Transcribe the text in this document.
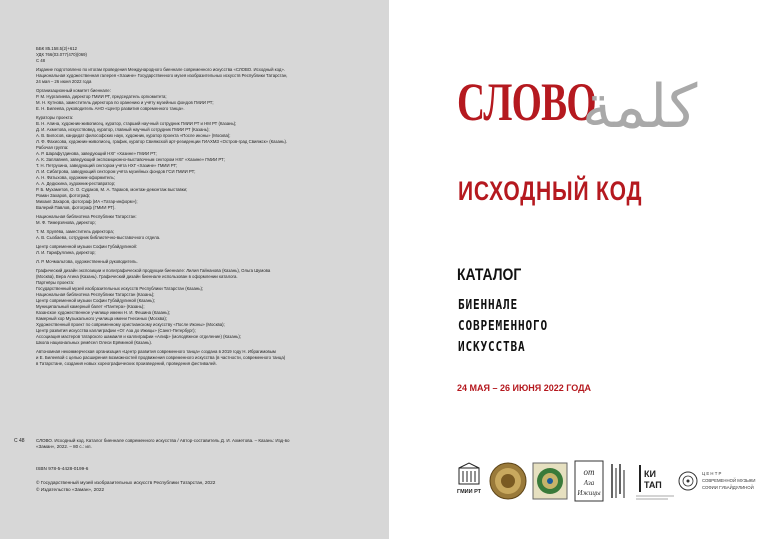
ББК 85.158.5(2)+612
УДК 766(03.077(470)(069)
С 48
Издание подготовлено по итогам проведения Международного биеннале современного искусства «СЛОВО. Исходный код».
Национальная художественная галерея «Хазине» Государственного музея изобразительных искусств Республики Татарстан,
24 мая – 26 июня 2022 года
Организационный комитет биеннале:
Р. М. Нургалиева, директор ГМИИ РТ, председатель оргкомитета;
М. Н. Кутнова, заместитель директора по хранению и учёту музейных фондов ГМИИ РТ;
Е. Н. Билеева, руководитель АНО «Центр развития современного танца».
Кураторы проекта:
В. Н. Апина, художник-живописец, куратор, старший научный сотрудник ГМИИ РТ и НМ РТ (Казань);
Д. И. Ахметова, искусствовед, куратор, главный научный сотрудник ГМИИ РТ (Казань);
А. В. Билосов, кандидат философских наук, художник, куратор проекта «После иконы» (Москва);
Л. Ф. Фахисова, художник-живописец, график, куратор Свияжской арт-резиденции ГИАХМЗ «Остров-град Свияжск» (Казань).
Рабочая группа:
А. Р. Шарафутдинова, заведующий НХГ «Хазине» ГМИИ РТ;
А. К. Заплавнев, заведующий экспозиционно-выставочным сектором НХГ «Хазине» ГМИИ РТ;
Т. Н. Петрухина, заведующий сектором учёта НХГ «Хазине» ГМИИ РТ;
Л. И. Сибатрова, заведующий сектором учёта музейных фондов ГСИ ГМИИ РТ;
А. Н. Фатыхова, художник-оформитель;
А. А. Дедюхина, художник-реставратор;
Р. Б. Мухаметов, О. О. Судаков, М. А. Тараков, монтаж-демонтаж выставки;
Роман Захаров, фотограф;
Михаил Захаров, фотограф (ИА «Татар-информ»);
Валерий Павлов, фотограф (ГМИИ РТ).
Национальная библиотека Республики Татарстан:
М. Ф. Тимерзянова, директор;
Т. М. Хрулёва, заместитель директора;
А. В. Сызбаева, сотрудник библиотечно-выставочного отдела.
Центр современной музыки Софии Губайдулиной:
Л. И. Гарифуллина, директор;
Л. Р. Мочмальтова, художественный руководитель.
Графический дизайн экспозиции и полиграфической продукции биеннале: Лилия Гайнанова (Казань), Ольга Шумова
(Москва), Вера Агина (Казань). Графический дизайн биеннале использован в оформлении каталога.
Партнёры проекта:
Государственный музей изобразительных искусств Республики Татарстан (Казань);
Национальная библиотека Республики Татарстан (Казань);
Центр современной музыки Софии Губайдулиной (Казань);
Муниципальный камерный балет «Пантера» (Казань);
Казанское художественное училище имени Н. И. Фешина (Казань);
Камерный хор Музыкального училища имени Гнесиных (Москва);
Художественный проект по современному христианскому искусству «После Иконы» (Москва);
Центр развития искусства каллиграфии «От Аза до Ижицы» (Санкт-Петербург);
Ассоциация мастеров татарского шамаиля и каллиграфии «Алиф» (молодёжное отделение) (Казань);
Школа национальных ремёсел Олеси Ерёминой (Казань).
Автономная некоммерческая организация «Центр развития современного танца» создана в 2019 году Н. Ибрагимовым
и Е. Билеевой с целью расширения возможностей продвижения современного искусства (в частности, современного танца)
в Татарстане, создания новых хореографических произведений, проведения фестивалей.
С 48	СЛОВО. Исходный код. Каталог биеннале современного искусства / Автор-составитель Д. И. Ахметова. – Казань: Изд-во
«Заман», 2022. – 80 с.: ил.
ISBN 978-5-4428-0199-6
© Государственный музей изобразительных искусств Республики Татарстан, 2022
© Издательство «Заман», 2022
СЛОВО
كلمة
ИСХОДНЫЙ КОД
КАТАЛОГ
БИЕННАЛЕ
СОВРЕМЕННОГО
ИСКУССТВА
24 МАЯ – 26 ИЮНЯ 2022 ГОДА
ГМИИ РТ
от
Аза
Ижицы
КИ
ТАП
Ц Е Н Т Р
СОВРЕМЕННОЙ МУЗЫКИ
СОФИИ ГУБАЙДУЛИНОЙ
